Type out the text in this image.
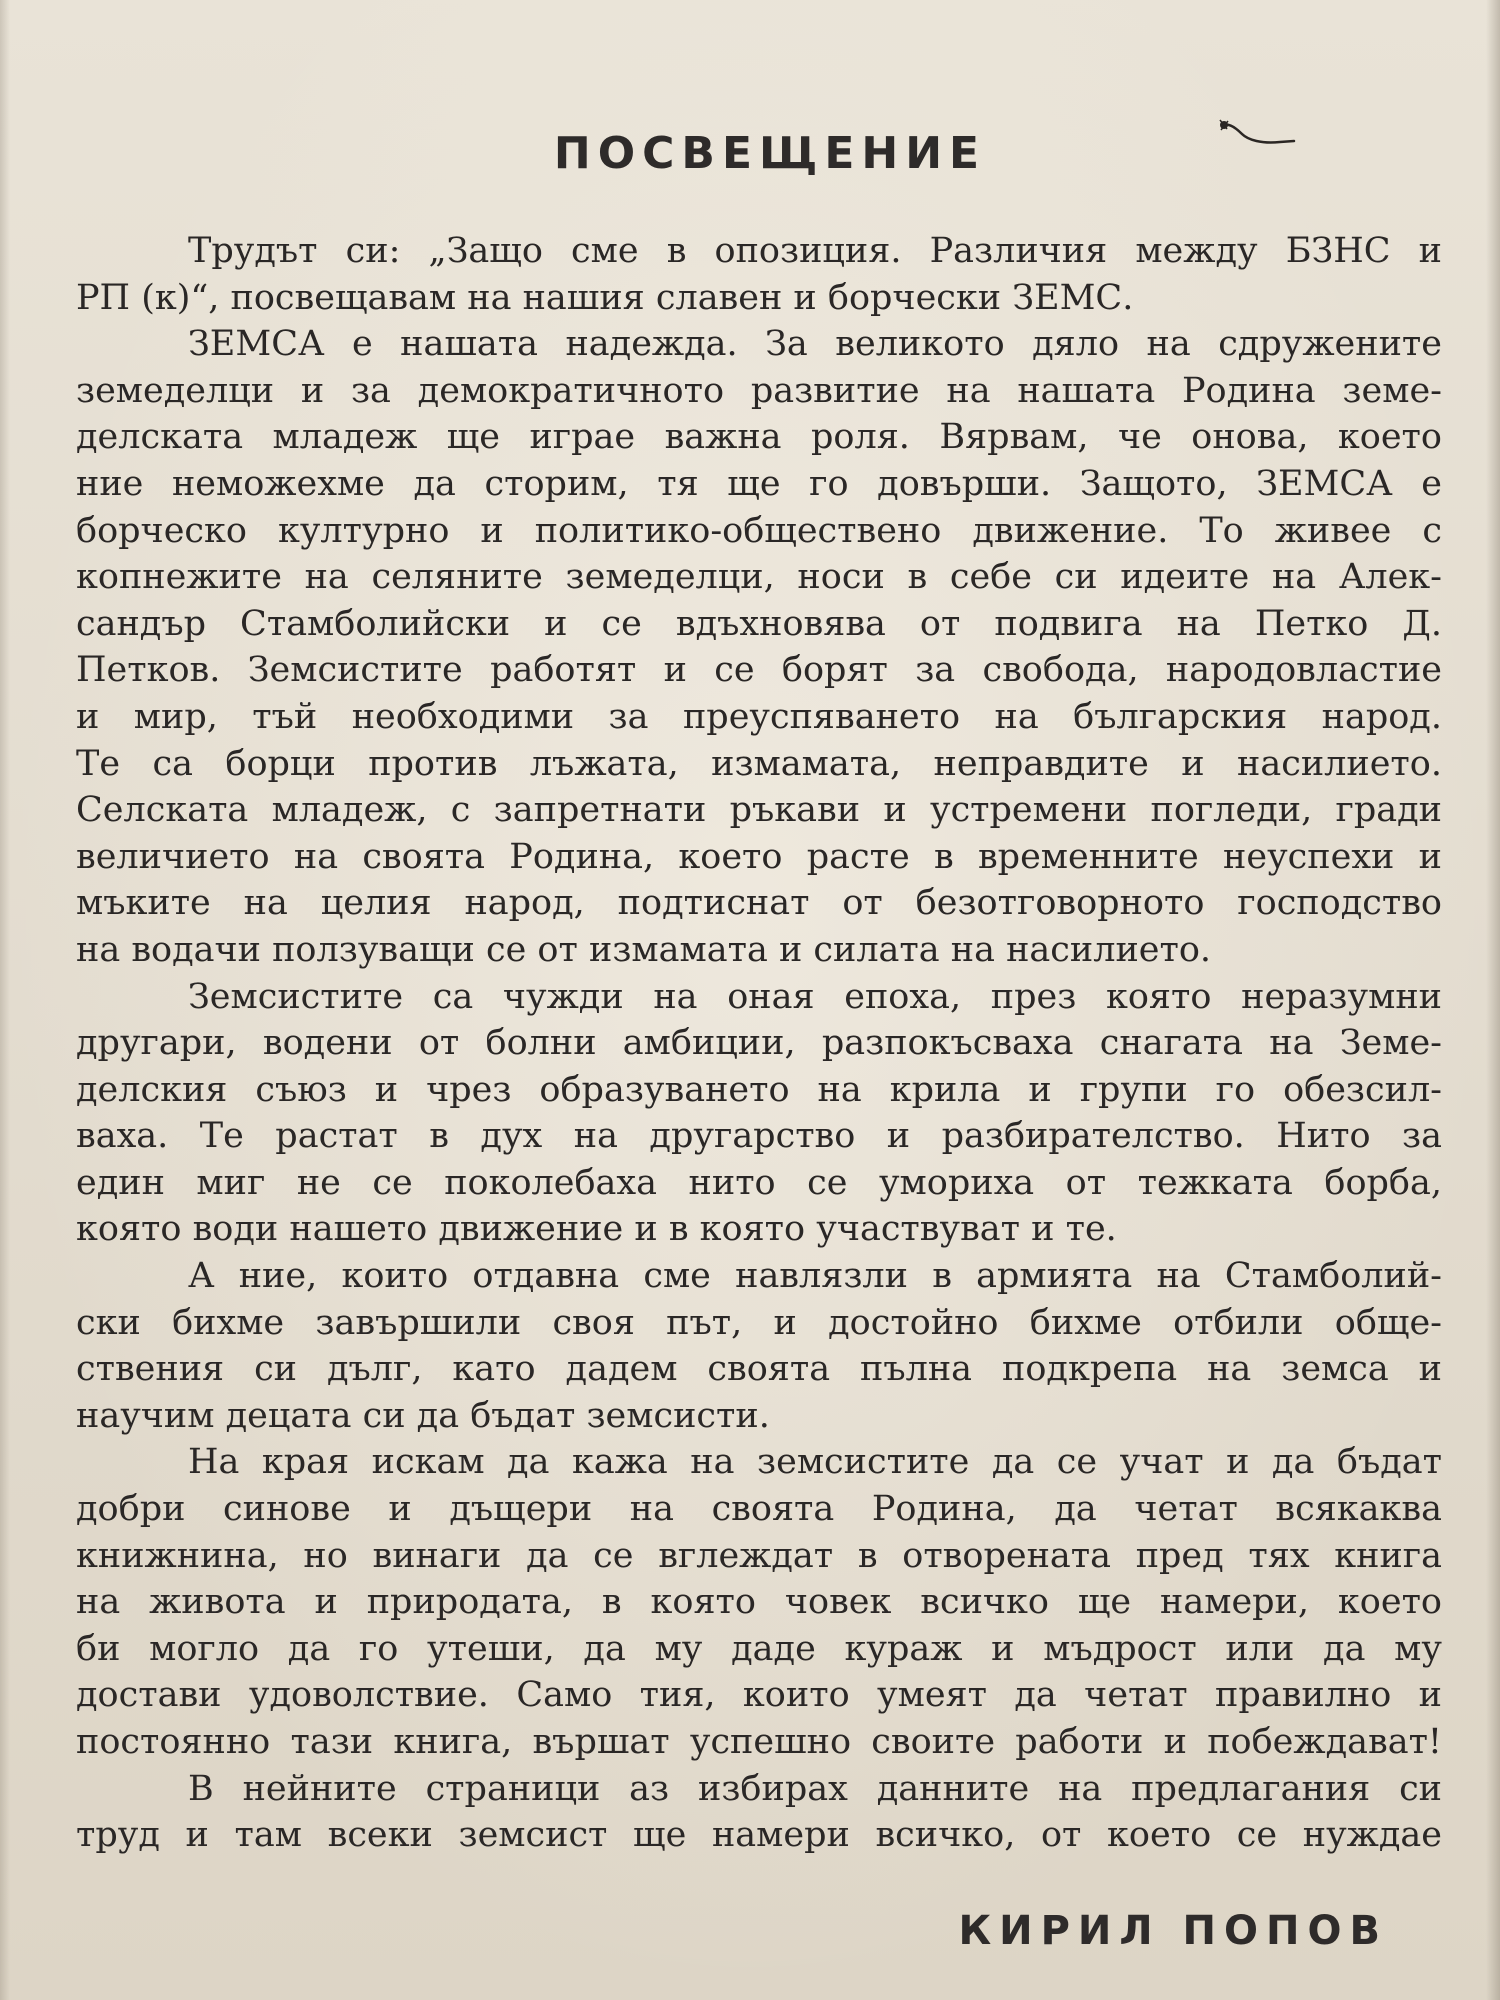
ПОСВЕЩЕНИЕ
Трудът си: „Защо сме в опозиция. Различия между БЗНС и
РП (к)“, посвещавам на нашия славен и борчески ЗЕМС.
ЗЕМСА е нашата надежда. За великото дяло на сдружените
земеделци и за демократичното развитие на нашата Родина земе-
делската младеж ще играе важна роля. Вярвам, че онова, което
ние неможехме да сторим, тя ще го довърши. Защото, ЗЕМСА е
борческо културно и политико-обществено движение. То живее с
копнежите на селяните земеделци, носи в себе си идеите на Алек-
сандър Стамболийски и се вдъхновява от подвига на Петко Д.
Петков. Земсистите работят и се борят за свобода, народовластие
и мир, тъй необходими за преуспяването на българския народ.
Те са борци против лъжата, измамата, неправдите и насилието.
Селската младеж, с запретнати ръкави и устремени погледи, гради
величието на своята Родина, което расте в временните неуспехи и
мъките на целия народ, подтиснат от безотговорното господство
на водачи ползуващи се от измамата и силата на насилието.
Земсистите са чужди на оная епоха, през която неразумни
другари, водени от болни амбиции, разпокъсваха снагата на Земе-
делския съюз и чрез образуването на крила и групи го обезсил-
ваха. Те растат в дух на другарство и разбирателство. Нито за
един миг не се поколебаха нито се умориха от тежката борба,
която води нашето движение и в която участвуват и те.
А ние, които отдавна сме навлязли в армията на Стамболий-
ски бихме завършили своя път, и достойно бихме отбили обще-
ствения си дълг, като дадем своята пълна подкрепа на земса и
научим децата си да бъдат земсисти.
На края искам да кажа на земсистите да се учат и да бъдат
добри синове и дъщери на своята Родина, да четат всякаква
книжнина, но винаги да се вглеждат в отворената пред тях книга
на живота и природата, в която човек всичко ще намери, което
би могло да го утеши, да му даде кураж и мъдрост или да му
достави удоволствие. Само тия, които умеят да четат правилно и
постоянно тази книга, вършат успешно своите работи и побеждават!
В нейните страници аз избирах данните на предлагания си
труд и там всеки земсист ще намери всичко, от което се нуждае

КИРИЛ ПОПОВ
